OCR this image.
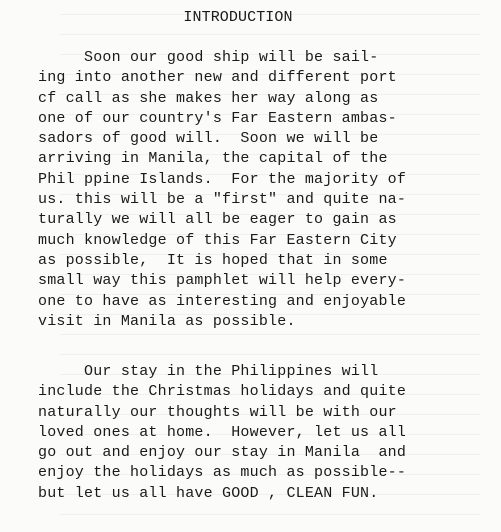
INTRODUCTION
Soon our good ship will be sail-
ing into another new and different port
cf call as she makes her way along as
one of our country's Far Eastern ambas-
sadors of good will.  Soon we will be
arriving in Manila, the capital of the
Phil ppine Islands.  For the majority of
us. this will be a "first" and quite na-
turally we will all be eager to gain as
much knowledge of this Far Eastern City
as possible,  It is hoped that in some
small way this pamphlet will help every-
one to have as interesting and enjoyable
visit in Manila as possible.
Our stay in the Philippines will
include the Christmas holidays and quite
naturally our thoughts will be with our
loved ones at home.  However, let us all
go out and enjoy our stay in Manila  and
enjoy the holidays as much as possible--
but let us all have GOOD , CLEAN FUN.
